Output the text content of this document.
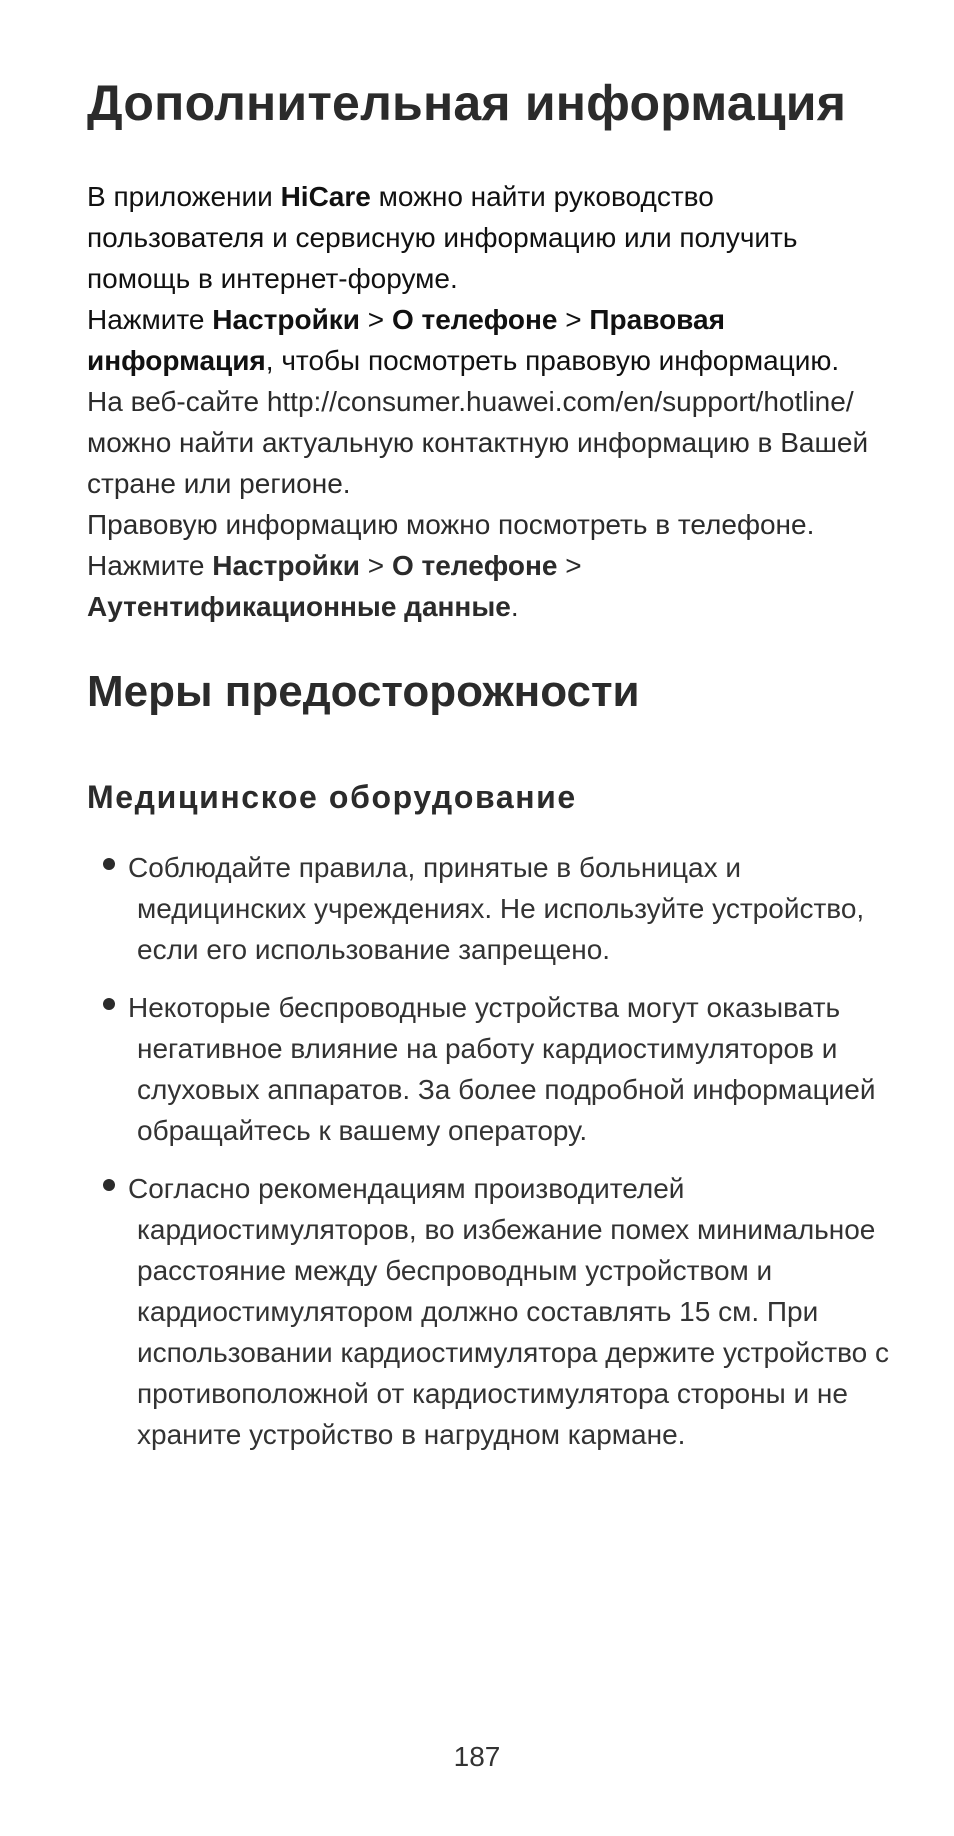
Дополнительная информация

В приложении HiCare можно найти руководство пользователя и сервисную информацию или получить помощь в интернет-форуме.

Нажмите Настройки > О телефоне > Правовая информация, чтобы посмотреть правовую информацию.

На веб-сайте http://consumer.huawei.com/en/support/hotline/ можно найти актуальную контактную информацию в Вашей стране или регионе.

Правовую информацию можно посмотреть в телефоне.

Нажмите Настройки > О телефоне > Аутентификационные данные.

Меры предосторожности
Медицинское оборудование
Соблюдайте правила, принятые в больницах и медицинских учреждениях. Не используйте устройство, если его использование запрещено.
Некоторые беспроводные устройства могут оказывать негативное влияние на работу кардиостимуляторов и слуховых аппаратов. За более подробной информацией обращайтесь к вашему оператору.
Согласно рекомендациям производителей кардиостимуляторов, во избежание помех минимальное расстояние между беспроводным устройством и кардиостимулятором должно составлять 15 см. При использовании кардиостимулятора держите устройство с противоположной от кардиостимулятора стороны и не храните устройство в нагрудном кармане.
187
